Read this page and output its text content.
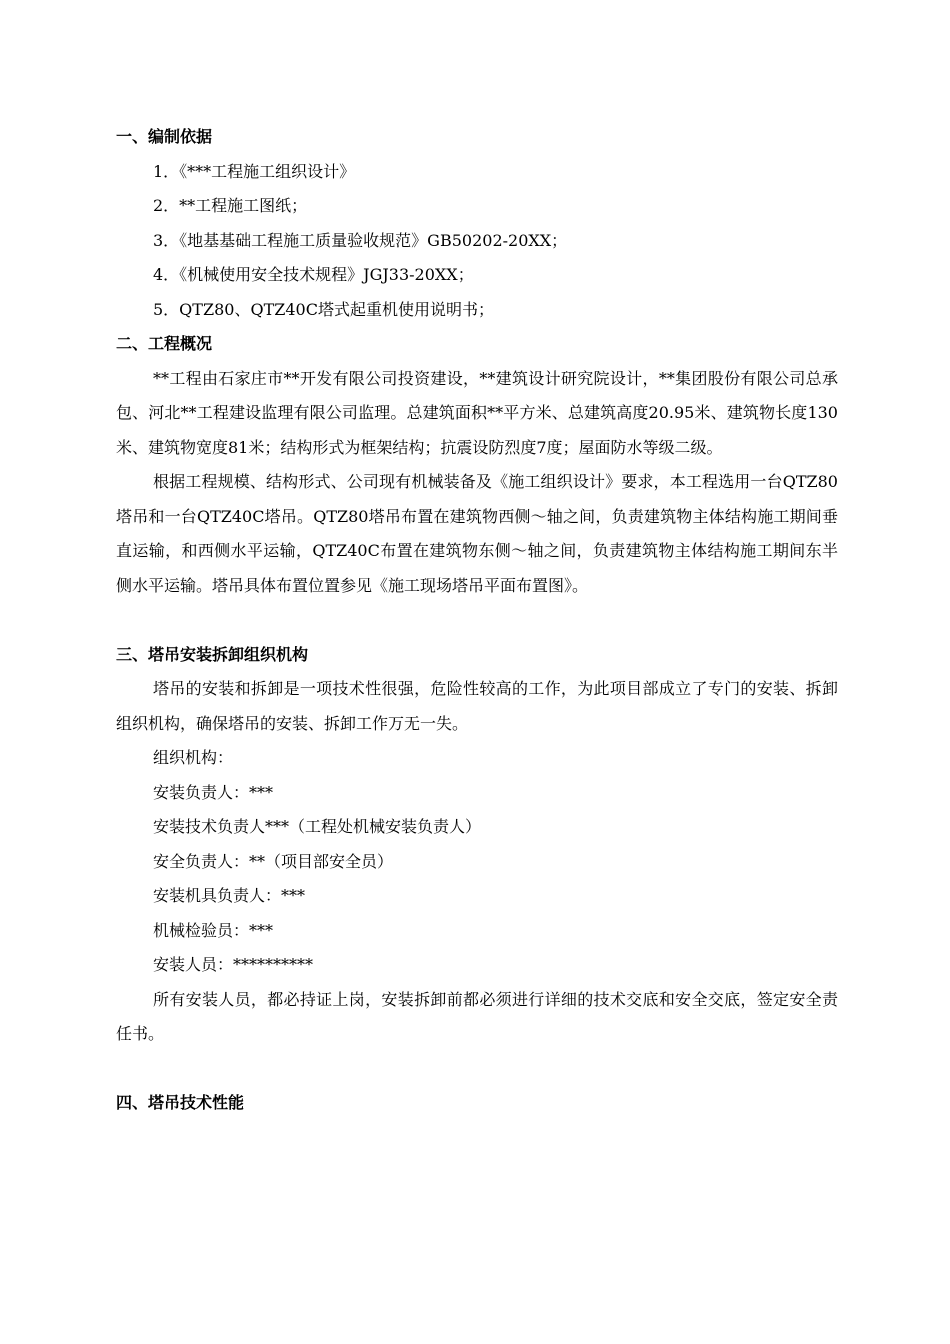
一、编制依据
1．《***工程施工组织设计》
2．**工程施工图纸；
3．《地基基础工程施工质量验收规范》GB50202-20XX；
4．《机械使用安全技术规程》JGJ33-20XX；
5．QTZ80、QTZ40C塔式起重机使用说明书；
二、工程概况

**工程由石家庄市**开发有限公司投资建设，**建筑设计研究院设计，**集团股份有限公司总承包、河北**工程建设监理有限公司监理。总建筑面积**平方米、总建筑高度20.95米、建筑物长度130米、建筑物宽度81米；结构形式为框架结构；抗震设防烈度7度；屋面防水等级二级。

根据工程规模、结构形式、公司现有机械装备及《施工组织设计》要求，本工程选用一台QTZ80塔吊和一台QTZ40C塔吊。QTZ80塔吊布置在建筑物西侧～轴之间，负责建筑物主体结构施工期间垂直运输，和西侧水平运输，QTZ40C布置在建筑物东侧～轴之间，负责建筑物主体结构施工期间东半侧水平运输。塔吊具体布置位置参见《施工现场塔吊平面布置图》。

三、塔吊安装拆卸组织机构

塔吊的安装和拆卸是一项技术性很强，危险性较高的工作，为此项目部成立了专门的安装、拆卸组织机构，确保塔吊的安装、拆卸工作万无一失。

组织机构：
安装负责人：***
安装技术负责人***（工程处机械安装负责人）
安全负责人：**（项目部安全员）
安装机具负责人：***
机械检验员：***
安装人员：**********

所有安装人员，都必持证上岗，安装拆卸前都必须进行详细的技术交底和安全交底，签定安全责任书。

四、塔吊技术性能
